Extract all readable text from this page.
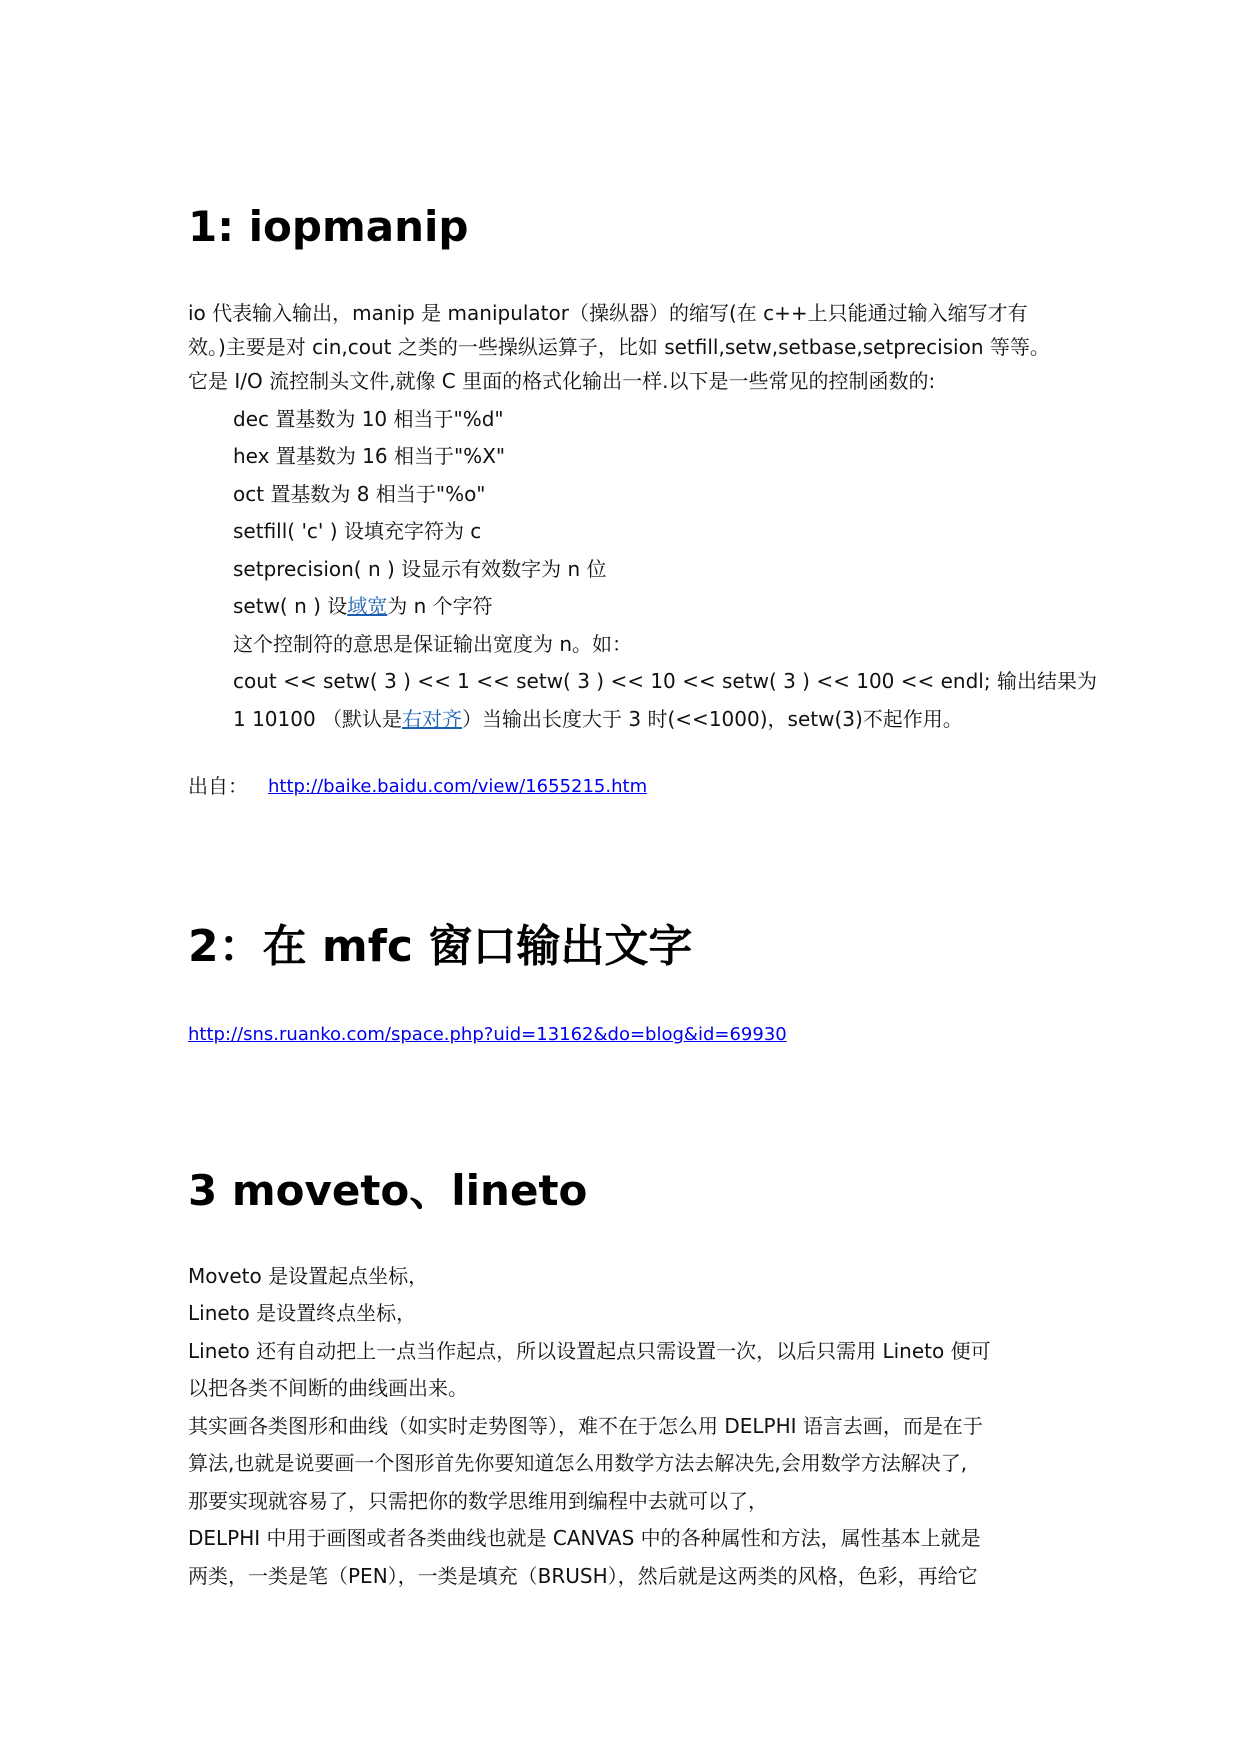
1: iopmanip
io 代表输入输出，manip 是 manipulator（操纵器）的缩写(在 c++上只能通过输入缩写才有
效。)主要是对 cin,cout 之类的一些操纵运算子，比如 setfill,setw,setbase,setprecision 等等。
它是 I/O 流控制头文件,就像 C 里面的格式化输出一样.以下是一些常见的控制函数的:
dec 置基数为 10 相当于"%d"
hex 置基数为 16 相当于"%X"
oct 置基数为 8 相当于"%o"
setfill( 'c' ) 设填充字符为 c
setprecision( n ) 设显示有效数字为 n 位
setw( n ) 设域宽为 n 个字符
这个控制符的意思是保证输出宽度为 n。如：
cout << setw( 3 ) << 1 << setw( 3 ) << 10 << setw( 3 ) << 100 << endl; 输出结果为
1 10100 （默认是右对齐）当输出长度大于 3 时(<<1000)，setw(3)不起作用。
出自： http://baike.baidu.com/view/1655215.htm
2：在 mfc 窗口输出文字
http://sns.ruanko.com/space.php?uid=13162&do=blog&id=69930
3 moveto、lineto
Moveto 是设置起点坐标，
Lineto 是设置终点坐标，
Lineto 还有自动把上一点当作起点，所以设置起点只需设置一次，以后只需用 Lineto 便可
以把各类不间断的曲线画出来。
其实画各类图形和曲线（如实时走势图等），难不在于怎么用 DELPHI 语言去画，而是在于
算法,也就是说要画一个图形首先你要知道怎么用数学方法去解决先,会用数学方法解决了,
那要实现就容易了，只需把你的数学思维用到编程中去就可以了，
DELPHI 中用于画图或者各类曲线也就是 CANVAS 中的各种属性和方法，属性基本上就是
两类，一类是笔（PEN），一类是填充（BRUSH），然后就是这两类的风格，色彩，再给它
